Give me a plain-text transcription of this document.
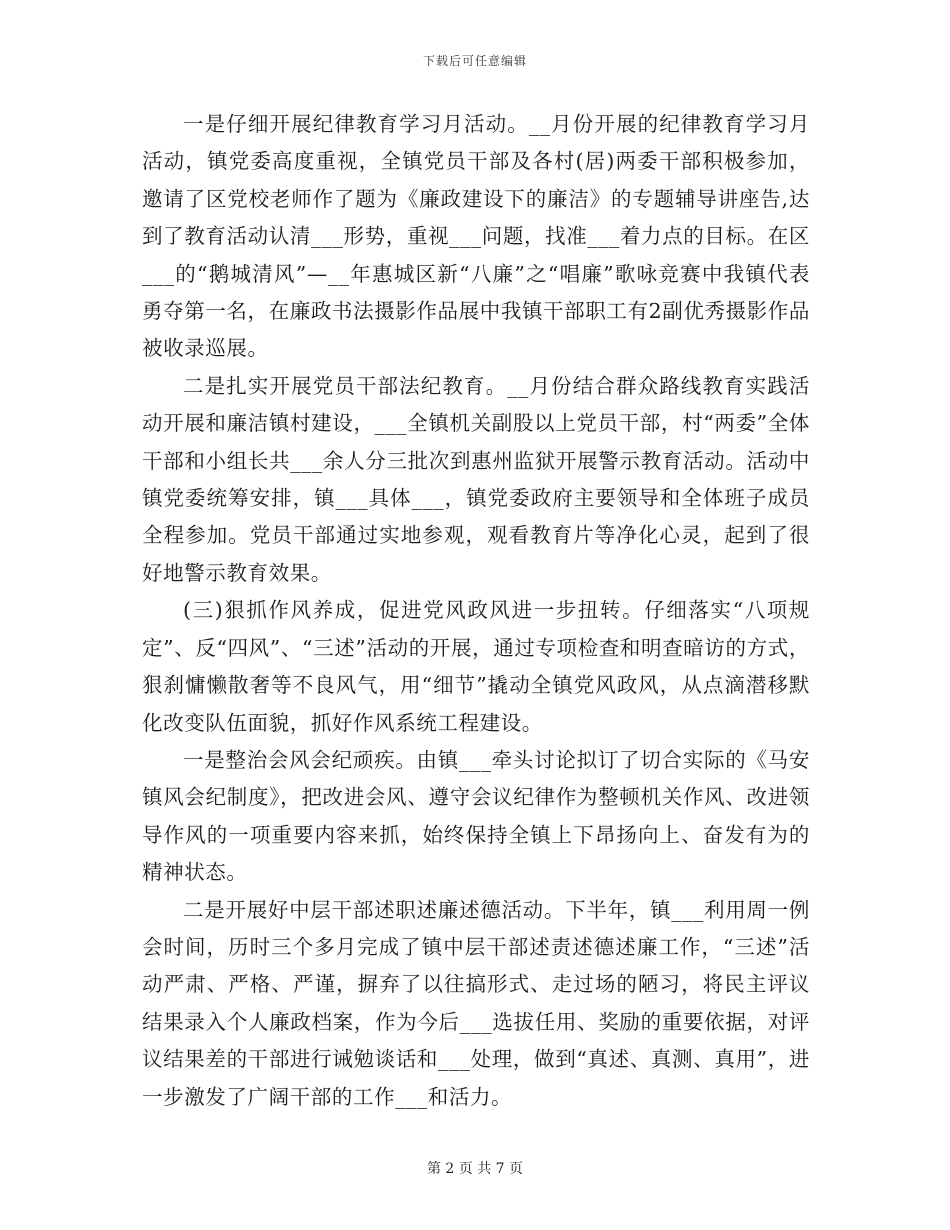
下载后可任意编辑

一是仔细开展纪律教育学习月活动。__月份开展的纪律教育学习月活动，镇党委高度重视，全镇党员干部及各村(居)两委干部积极参加，邀请了区党校老师作了题为《廉政建设下的廉洁》的专题辅导讲座告,达到了教育活动认清___形势，重视___问题，找准___着力点的目标。在区___的“鹅城清风”—__年惠城区新“八廉”之“唱廉”歌咏竞赛中我镇代表勇夺第一名，在廉政书法摄影作品展中我镇干部职工有2副优秀摄影作品被收录巡展。

二是扎实开展党员干部法纪教育。__月份结合群众路线教育实践活动开展和廉洁镇村建设，___全镇机关副股以上党员干部，村“两委”全体干部和小组长共___余人分三批次到惠州监狱开展警示教育活动。活动中镇党委统筹安排，镇___具体___，镇党委政府主要领导和全体班子成员全程参加。党员干部通过实地参观，观看教育片等净化心灵，起到了很好地警示教育效果。

(三)狠抓作风养成，促进党风政风进一步扭转。仔细落实“八项规定”、反“四风”、“三述”活动的开展，通过专项检查和明查暗访的方式，狠刹慵懒散奢等不良风气，用“细节”撬动全镇党风政风，从点滴潜移默化改变队伍面貌，抓好作风系统工程建设。

一是整治会风会纪顽疾。由镇___牵头讨论拟订了切合实际的《马安镇风会纪制度》，把改进会风、遵守会议纪律作为整顿机关作风、改进领导作风的一项重要内容来抓，始终保持全镇上下昂扬向上、奋发有为的精神状态。

二是开展好中层干部述职述廉述德活动。下半年，镇___利用周一例会时间，历时三个多月完成了镇中层干部述责述德述廉工作，“三述”活动严肃、严格、严谨，摒弃了以往搞形式、走过场的陋习，将民主评议结果录入个人廉政档案，作为今后___选拔任用、奖励的重要依据，对评议结果差的干部进行诫勉谈话和___处理，做到“真述、真测、真用”，进一步激发了广阔干部的工作___和活力。

第 2 页 共 7 页
